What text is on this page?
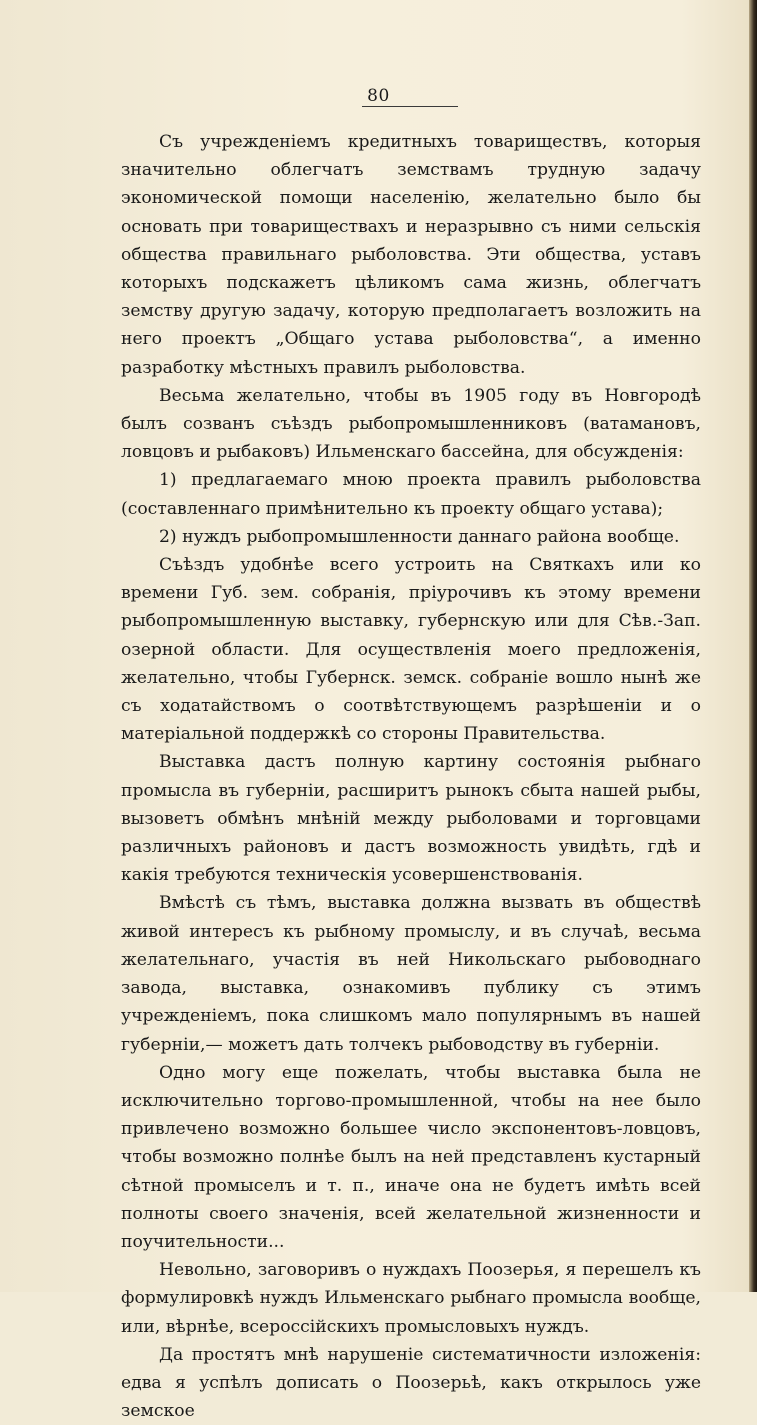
80

Съ учрежденіемъ кредитныхъ товариществъ, которыя значительно облегчатъ земствамъ трудную задачу экономической помощи населенію, желательно было бы основать при товариществахъ и неразрывно съ ними сельскія общества правильнаго рыболовства. Эти общества, уставъ которыхъ подскажетъ цѣликомъ сама жизнь, облегчатъ земству другую задачу, которую предполагаетъ возложить на него проектъ „Общаго устава рыболовства“, а именно разработку мѣстныхъ правилъ рыболовства.

Весьма желательно, чтобы въ 1905 году въ Новгородѣ былъ созванъ съѣздъ рыбопромышленниковъ (ватамановъ, ловцовъ и рыбаковъ) Ильменскаго бассейна, для обсужденія:

1) предлагаемаго мною проекта правилъ рыболовства (составленнаго примѣнительно къ проекту общаго устава);

2) нуждъ рыбопромышленности даннаго района вообще.

Съѣздъ удобнѣе всего устроить на Святкахъ или ко времени Губ. зем. собранія, пріурочивъ къ этому времени рыбопромышленную выставку, губернскую или для Сѣв.-Зап. озерной области. Для осуществленія моего предложенія, желательно, чтобы Губернск. земск. собраніе вошло нынѣ же съ ходатайствомъ о соотвѣтствующемъ разрѣшеніи и о матеріальной поддержкѣ со стороны Правительства.

Выставка дастъ полную картину состоянія рыбнаго промысла въ губерніи, расширитъ рынокъ сбыта нашей рыбы, вызоветъ обмѣнъ мнѣній между рыболовами и торговцами различныхъ районовъ и дастъ возможность увидѣть, гдѣ и какія требуются техническія усовершенствованія.

Вмѣстѣ съ тѣмъ, выставка должна вызвать въ обществѣ живой интересъ къ рыбному промыслу, и въ случаѣ, весьма желательнаго, участія въ ней Никольскаго рыбоводнаго завода, выставка, ознакомивъ публику съ этимъ учрежденіемъ, пока слишкомъ мало популярнымъ въ нашей губерніи,— можетъ дать толчекъ рыбоводству въ губерніи.

Одно могу еще пожелать, чтобы выставка была не исключительно торгово-промышленной, чтобы на нее было привлечено возможно большее число экспонентовъ-ловцовъ, чтобы возможно полнѣе былъ на ней представленъ кустарный сѣтной промыселъ и т. п., иначе она не будетъ имѣть всей полноты своего значенія, всей желательной жизненности и поучительности...

Невольно, заговоривъ о нуждахъ Поозерья, я перешелъ къ формулировкѣ нуждъ Ильменскаго рыбнаго промысла вообще, или, вѣрнѣе, всероссійскихъ промысловыхъ нуждъ.

Да простятъ мнѣ нарушеніе систематичности изложенія: едва я успѣлъ дописать о Поозерьѣ, какъ открылось уже земское
